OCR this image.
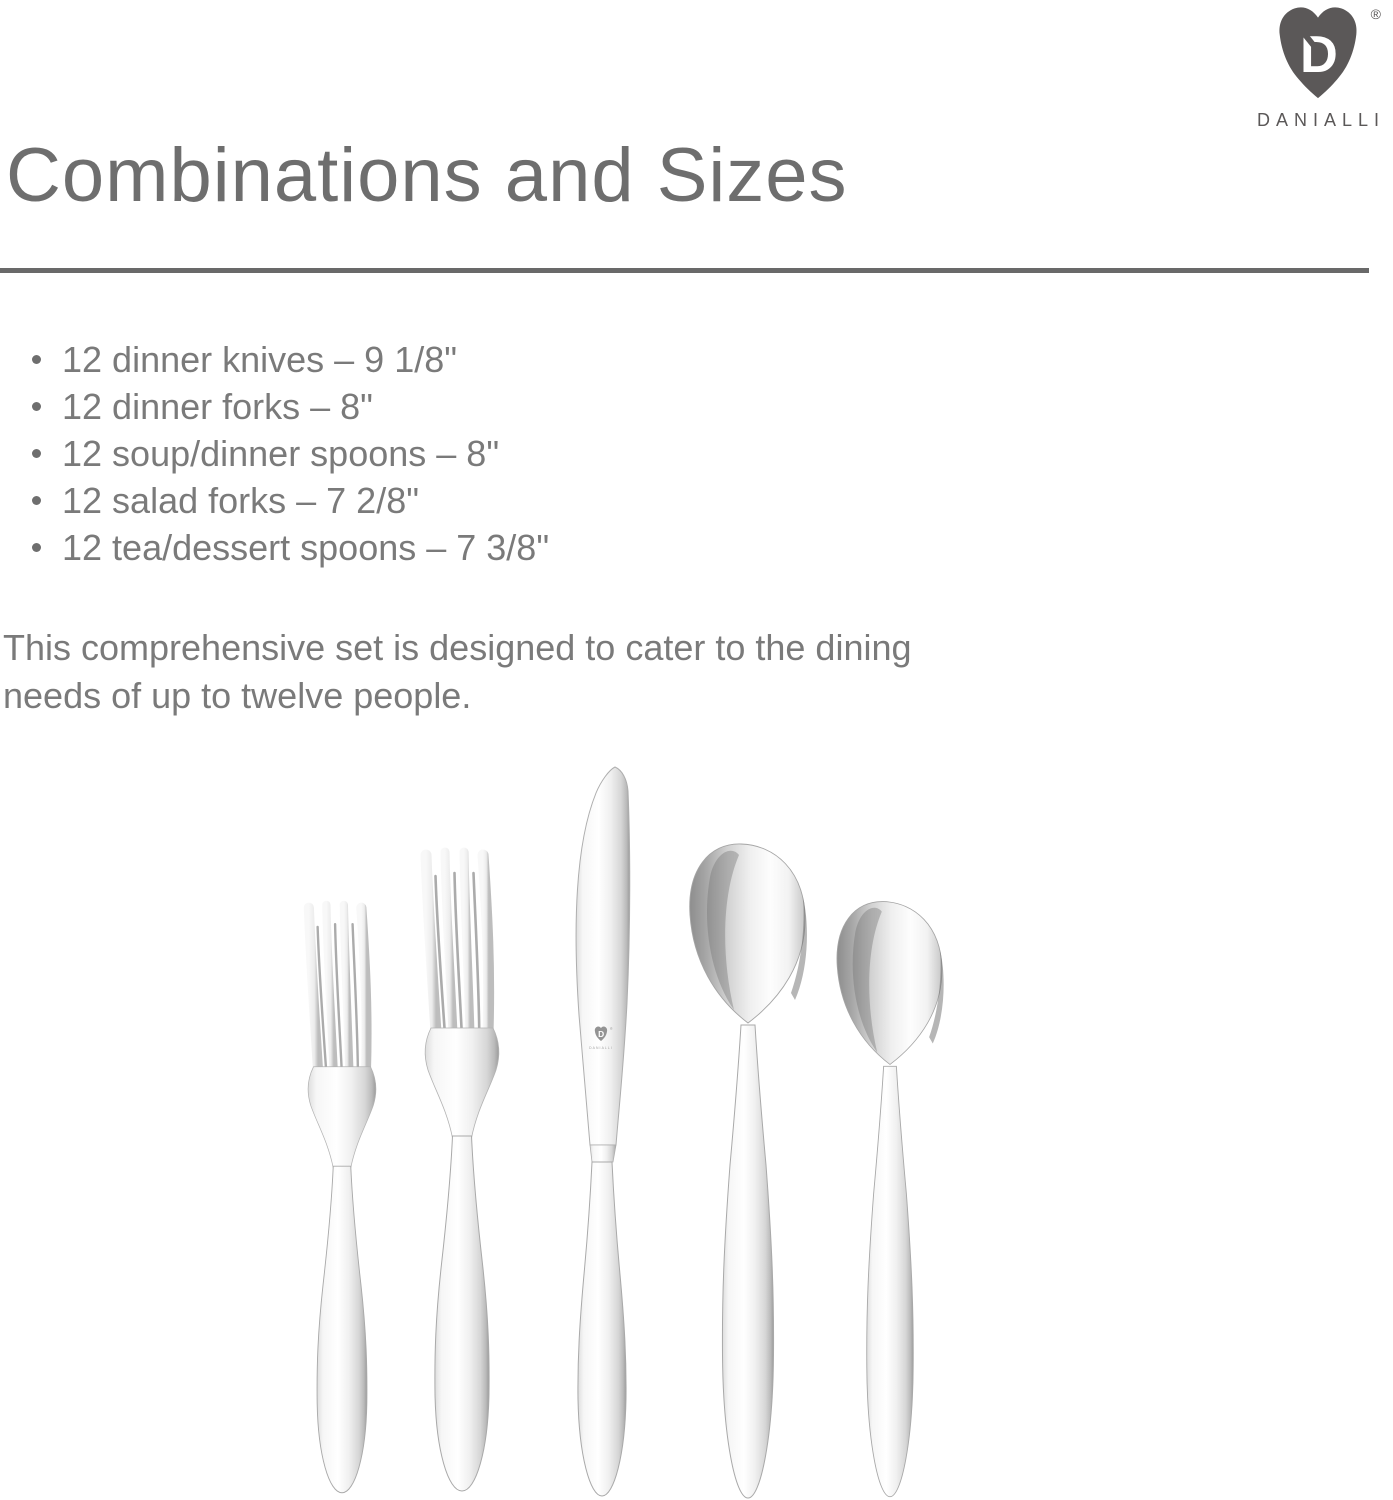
D
®
DANIALLI
Combinations and Sizes
12 dinner knives – 9 1/8"
12 dinner forks – 8"
12 soup/dinner spoons – 8"
12 salad forks – 7 2/8"
12 tea/dessert spoons – 7 3/8"

This comprehensive set is designed to cater to the dining needs of up to twelve people.

D ®
DANIALLI
